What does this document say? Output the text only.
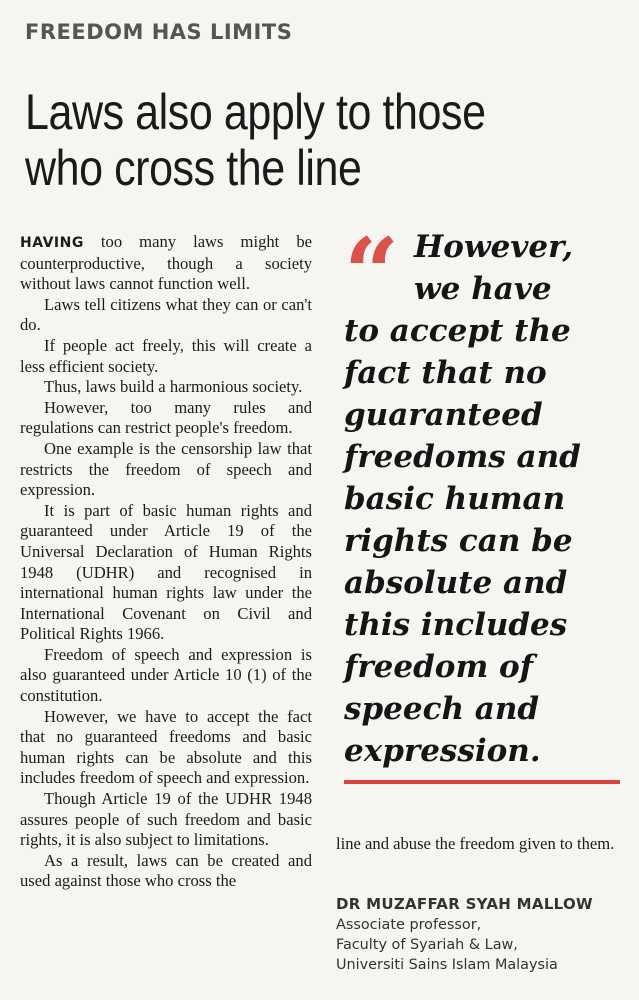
FREEDOM HAS LIMITS
Laws also apply to those
who cross the line

HAVING too many laws might be counterproductive, though a society without laws cannot function well.

Laws tell citizens what they can or can't do.

If people act freely, this will create a less efficient society.

Thus, laws build a harmonious society.

However, too many rules and regulations can restrict people's freedom.

One example is the censorship law that restricts the freedom of speech and expression.

It is part of basic human rights and guaranteed under Article 19 of the Universal Declaration of Human Rights 1948 (UDHR) and recognised in international human rights law under the International Covenant on Civil and Political Rights 1966.

Freedom of speech and expression is also guaranteed under Article 10 (1) of the constitution.

However, we have to accept the fact that no guaranteed freedoms and basic human rights can be absolute and this includes freedom of speech and expression.

Though Article 19 of the UDHR 1948 assures people of such freedom and basic rights, it is also subject to limitations.

As a result, laws can be created and used against those who cross the

“ However,
we have
to accept the fact that no guaranteed freedoms and basic human rights can be absolute and this includes freedom of speech and expression.
line and abuse the freedom given to them.
DR MUZAFFAR SYAH MALLOW
Associate professor,
Faculty of Syariah & Law,
Universiti Sains Islam Malaysia
